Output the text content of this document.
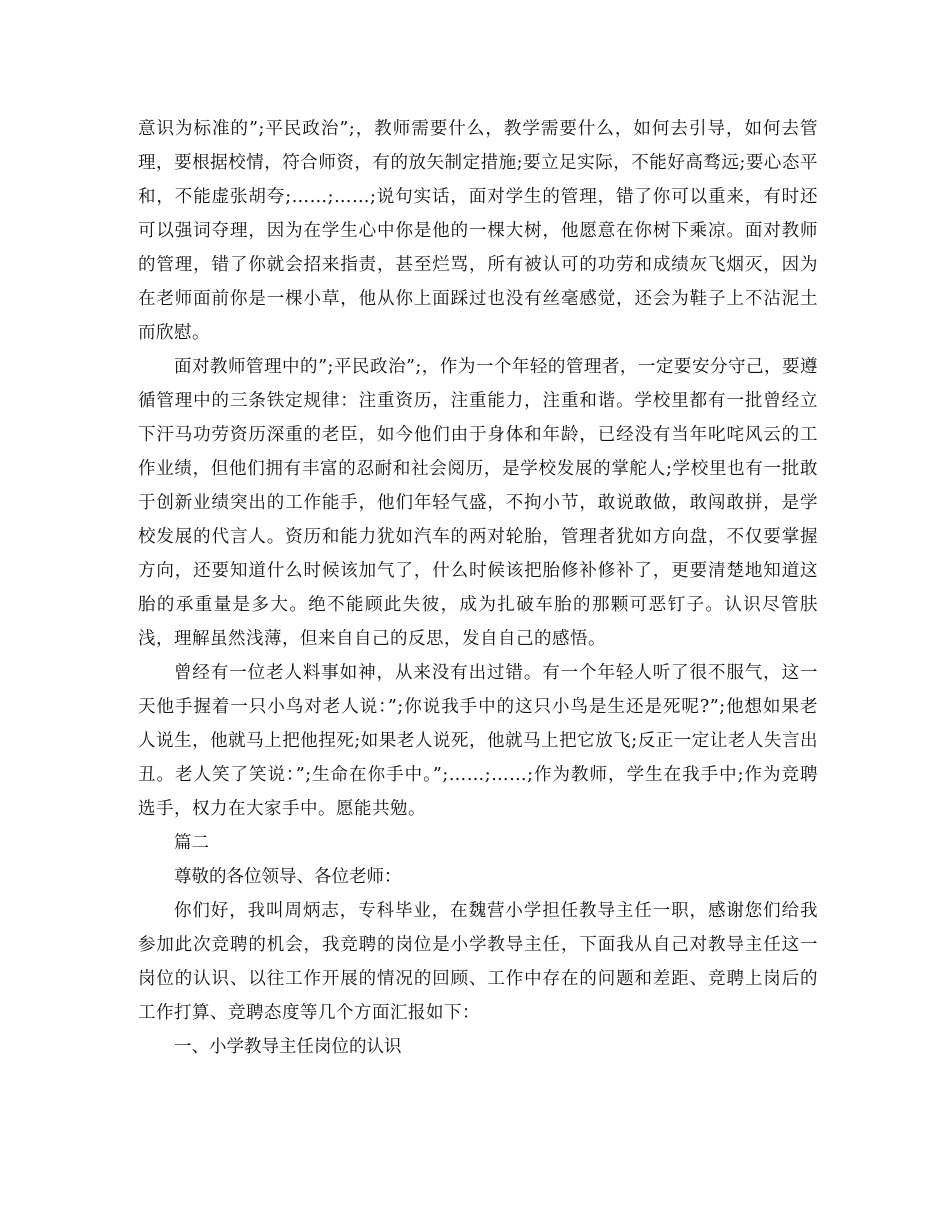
意识为标准的”;平民政治”;，教师需要什么，教学需要什么，如何去引导，如何去管理，要根据校情，符合师资，有的放矢制定措施;要立足实际，不能好高骛远;要心态平和，不能虚张胡夸;……;……;说句实话，面对学生的管理，错了你可以重来，有时还可以强词夺理，因为在学生心中你是他的一棵大树，他愿意在你树下乘凉。面对教师的管理，错了你就会招来指责，甚至烂骂，所有被认可的功劳和成绩灰飞烟灭，因为在老师面前你是一棵小草，他从你上面踩过也没有丝毫感觉，还会为鞋子上不沾泥土而欣慰。

面对教师管理中的”;平民政治”;，作为一个年轻的管理者，一定要安分守己，要遵循管理中的三条铁定规律：注重资历，注重能力，注重和谐。学校里都有一批曾经立下汗马功劳资历深重的老臣，如今他们由于身体和年龄，已经没有当年叱咤风云的工作业绩，但他们拥有丰富的忍耐和社会阅历，是学校发展的掌舵人;学校里也有一批敢于创新业绩突出的工作能手，他们年轻气盛，不拘小节，敢说敢做，敢闯敢拼，是学校发展的代言人。资历和能力犹如汽车的两对轮胎，管理者犹如方向盘，不仅要掌握方向，还要知道什么时候该加气了，什么时候该把胎修补修补了，更要清楚地知道这胎的承重量是多大。绝不能顾此失彼，成为扎破车胎的那颗可恶钉子。认识尽管肤浅，理解虽然浅薄，但来自自己的反思，发自自己的感悟。

曾经有一位老人料事如神，从来没有出过错。有一个年轻人听了很不服气，这一天他手握着一只小鸟对老人说：”;你说我手中的这只小鸟是生还是死呢?”;他想如果老人说生，他就马上把他捏死;如果老人说死，他就马上把它放飞;反正一定让老人失言出丑。老人笑了笑说：”;生命在你手中。”;……;……;作为教师，学生在我手中;作为竞聘选手，权力在大家手中。愿能共勉。

篇二

尊敬的各位领导、各位老师：

你们好，我叫周炳志，专科毕业，在魏营小学担任教导主任一职，感谢您们给我参加此次竞聘的机会，我竞聘的岗位是小学教导主任，下面我从自己对教导主任这一岗位的认识、以往工作开展的情况的回顾、工作中存在的问题和差距、竞聘上岗后的工作打算、竞聘态度等几个方面汇报如下：

一、小学教导主任岗位的认识
